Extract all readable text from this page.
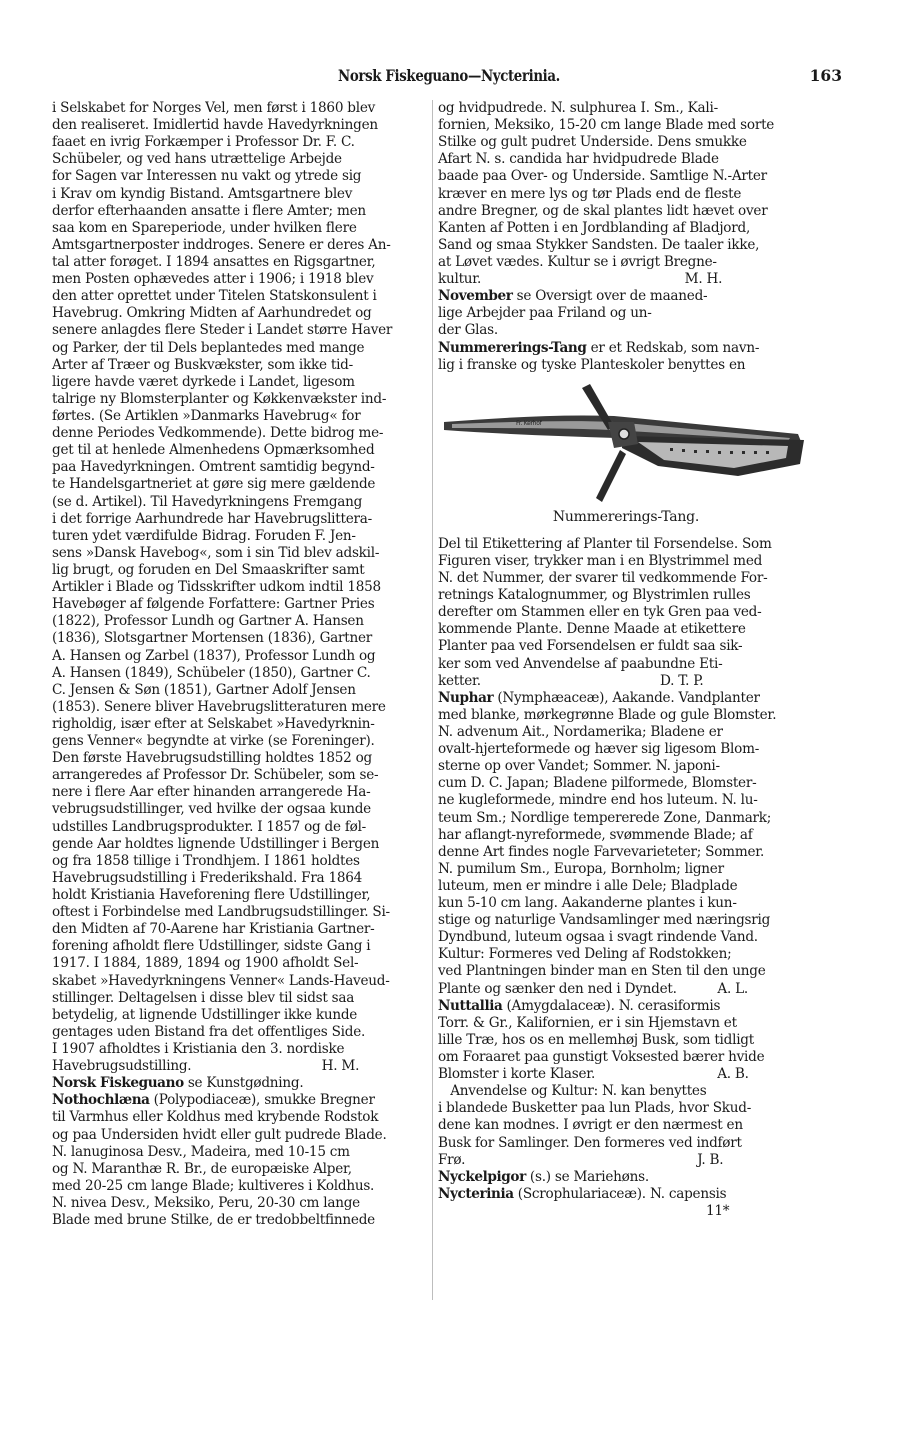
Norsk Fiskeguano—Nycterinia.	163
i Selskabet for Norges Vel, men først i 1860 blev
den realiseret. Imidlertid havde Havedyrkningen
faaet en ivrig Forkæmper i Professor Dr. F. C.
Schübeler, og ved hans utrættelige Arbejde
for Sagen var Interessen nu vakt og ytrede sig
i Krav om kyndig Bistand. Amtsgartnere blev
derfor efterhaanden ansatte i flere Amter; men
saa kom en Spareperiode, under hvilken flere
Amtsgartnerposter inddroges. Senere er deres An-
tal atter forøget. I 1894 ansattes en Rigsgartner,
men Posten ophævedes atter i 1906; i 1918 blev
den atter oprettet under Titelen Statskonsulent i
Havebrug. Omkring Midten af Aarhundredet og
senere anlagdes flere Steder i Landet større Haver
og Parker, der til Dels beplantedes med mange
Arter af Træer og Buskvækster, som ikke tid-
ligere havde været dyrkede i Landet, ligesom
talrige ny Blomsterplanter og Køkkenvækster ind-
førtes. (Se Artiklen »Danmarks Havebrug« for
denne Periodes Vedkommende). Dette bidrog me-
get til at henlede Almenhedens Opmærksomhed
paa Havedyrkningen. Omtrent samtidig begynd-
te Handelsgartneriet at gøre sig mere gældende
(se d. Artikel). Til Havedyrkningens Fremgang
i det forrige Aarhundrede har Havebrugslittera-
turen ydet værdifulde Bidrag. Foruden F. Jen-
sens »Dansk Havebog«, som i sin Tid blev adskil-
lig brugt, og foruden en Del Smaaskrifter samt
Artikler i Blade og Tidsskrifter udkom indtil 1858
Havebøger af følgende Forfattere: Gartner Pries
(1822), Professor Lundh og Gartner A. Hansen
(1836), Slotsgartner Mortensen (1836), Gartner
A. Hansen og Zarbel (1837), Professor Lundh og
A. Hansen (1849), Schübeler (1850), Gartner C.
C. Jensen & Søn (1851), Gartner Adolf Jensen
(1853). Senere bliver Havebrugslitteraturen mere
righoldig, især efter at Selskabet »Havedyrknin-
gens Venner« begyndte at virke (se Foreninger).
Den første Havebrugsudstilling holdtes 1852 og
arrangeredes af Professor Dr. Schübeler, som se-
nere i flere Aar efter hinanden arrangerede Ha-
vebrugsudstillinger, ved hvilke der ogsaa kunde
udstilles Landbrugsprodukter. I 1857 og de føl-
gende Aar holdtes lignende Udstillinger i Bergen
og fra 1858 tillige i Trondhjem. I 1861 holdtes
Havebrugsudstilling i Frederikshald. Fra 1864
holdt Kristiania Haveforening flere Udstillinger,
oftest i Forbindelse med Landbrugsudstillinger. Si-
den Midten af 70-Aarene har Kristiania Gartner-
forening afholdt flere Udstillinger, sidste Gang i
1917. I 1884, 1889, 1894 og 1900 afholdt Sel-
skabet »Havedyrkningens Venner« Lands-Haveud-
stillinger. Deltagelsen i disse blev til sidst saa
betydelig, at lignende Udstillinger ikke kunde
gentages uden Bistand fra det offentliges Side.
I 1907 afholdtes i Kristiania den 3. nordiske
Havebrugsudstilling.                                H. M.
Norsk Fiskeguano se Kunstgødning.
Nothochlæna (Polypodiaceæ), smukke Bregner
til Varmhus eller Koldhus med krybende Rodstok
og paa Undersiden hvidt eller gult pudrede Blade.
N. lanuginosa Desv., Madeira, med 10-15 cm
og N. Maranthæ R. Br., de europæiske Alper,
med 20-25 cm lange Blade; kultiveres i Koldhus.
N. nivea Desv., Meksiko, Peru, 20-30 cm lange
Blade med brune Stilke, de er tredobbeltfinnede
og hvidpudrede. N. sulphurea I. Sm., Kali-
fornien, Meksiko, 15-20 cm lange Blade med sorte
Stilke og gult pudret Underside. Dens smukke
Afart N. s. candida har hvidpudrede Blade
baade paa Over- og Underside. Samtlige N.-Arter
kræver en mere lys og tør Plads end de fleste
andre Bregner, og de skal plantes lidt hævet over
Kanten af Potten i en Jordblanding af Bladjord,
Sand og smaa Stykker Sandsten. De taaler ikke,
at Løvet vædes. Kultur se i øvrigt Bregne-
kultur.                                                  M. H.
November se Oversigt over de maaned-
lige Arbejder paa Friland og un-
der Glas.
Nummererings-Tang er et Redskab, som navn-
lig i franske og tyske Planteskoler benyttes en
Fr. Kerhof
Nummererings-Tang.
Del til Etikettering af Planter til Forsendelse. Som
Figuren viser, trykker man i en Blystrimmel med
N. det Nummer, der svarer til vedkommende For-
retnings Katalognummer, og Blystrimlen rulles
derefter om Stammen eller en tyk Gren paa ved-
kommende Plante. Denne Maade at etikettere
Planter paa ved Forsendelsen er fuldt saa sik-
ker som ved Anvendelse af paabundne Eti-
ketter.                                            D. T. P.
Nuphar (Nymphæaceæ), Aakande. Vandplanter
med blanke, mørkegrønne Blade og gule Blomster.
N. advenum Ait., Nordamerika; Bladene er
ovalt-hjerteformede og hæver sig ligesom Blom-
sterne op over Vandet; Sommer. N. japoni-
cum D. C. Japan; Bladene pilformede, Blomster-
ne kugleformede, mindre end hos luteum. N. lu-
teum Sm.; Nordlige tempererede Zone, Danmark;
har aflangt-nyreformede, svømmende Blade; af
denne Art findes nogle Farvevarieteter; Sommer.
N. pumilum Sm., Europa, Bornholm; ligner
luteum, men er mindre i alle Dele; Bladplade
kun 5-10 cm lang. Aakanderne plantes i kun-
stige og naturlige Vandsamlinger med næringsrig
Dyndbund, luteum ogsaa i svagt rindende Vand.
Kultur: Formeres ved Deling af Rodstokken;
ved Plantningen binder man en Sten til den unge
Plante og sænker den ned i Dyndet.          A. L.
Nuttallia (Amygdalaceæ). N. cerasiformis
Torr. & Gr., Kalifornien, er i sin Hjemstavn et
lille Træ, hos os en mellemhøj Busk, som tidligt
om Foraaret paa gunstigt Voksested bærer hvide
Blomster i korte Klaser.                              A. B.
Anvendelse og Kultur: N. kan benyttes
i blandede Busketter paa lun Plads, hvor Skud-
dene kan modnes. I øvrigt er den nærmest en
Busk for Samlinger. Den formeres ved indført
Frø.                                                         J. B.
Nyckelpigor (s.) se Mariehøns.
Nycterinia (Scrophulariaceæ). N. capensis
11*
